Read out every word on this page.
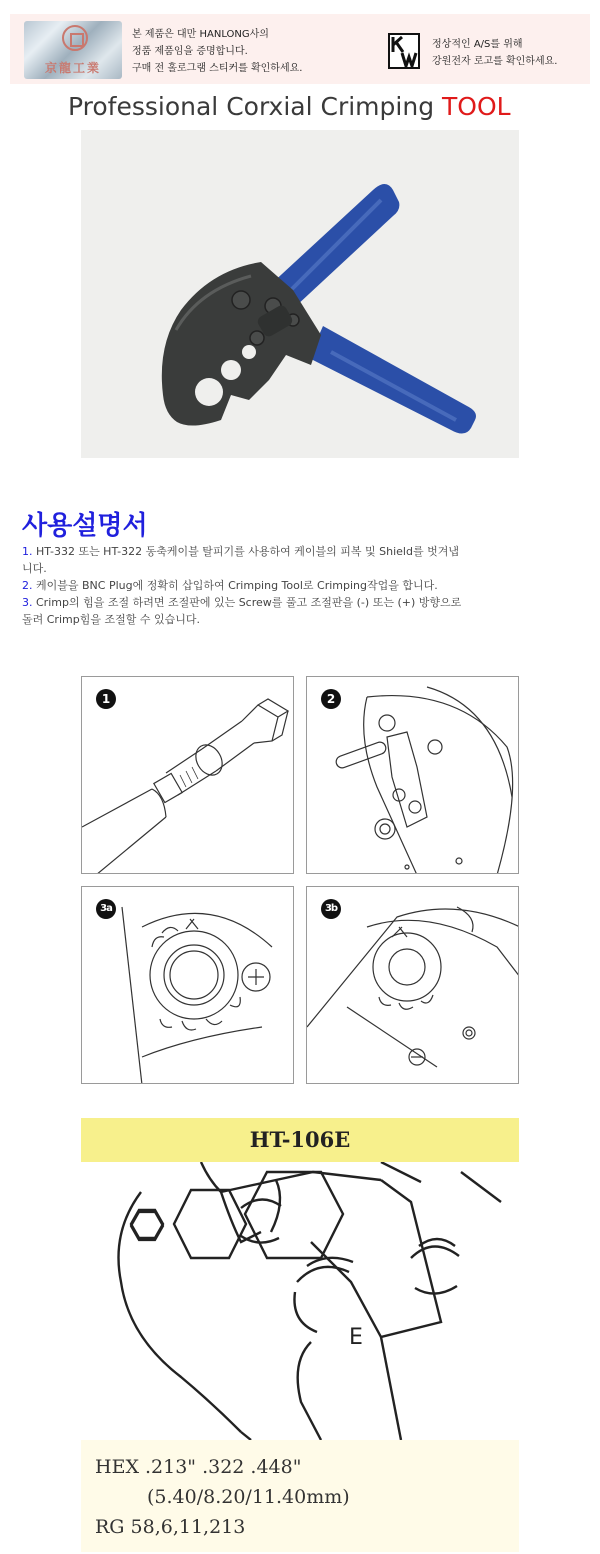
京龍工業
본 제품은 대만 HANLONG사의
정품 제품임을 증명합니다.
구매 전 홀로그램 스티커를 확인하세요.
정상적인 A/S를 위해
강원전자 로고를 확인하세요.
Professional Corxial Crimping TOOL
사용설명서

1. HT-332 또는 HT-322 동축케이블 탈피기를 사용하여 케이블의 피복 및 Shield를 벗겨냅니다.

2. 케이블을 BNC Plug에 정확히 삽입하여 Crimping Tool로 Crimping작업을 합니다.

3. Crimp의 힘을 조절 하려면 조절판에 있는 Screw를 풀고 조절판을 (-) 또는 (+) 방향으로 돌려 Crimp힘을 조절할 수 있습니다.

1	2
3a	3b
HT-106E
E
HEX .213" .322 .448"
(5.40/8.20/11.40mm)
RG 58,6,11,213
